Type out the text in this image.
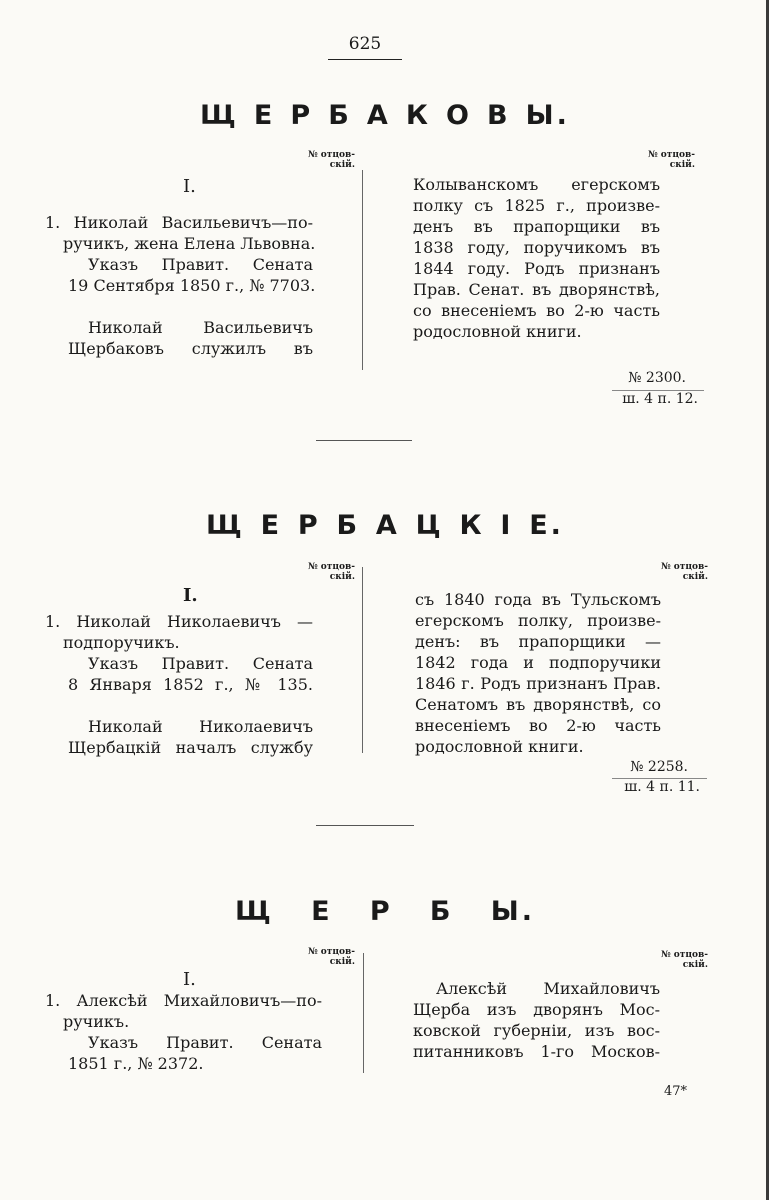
625
Щ Е Р Б А К О В Ы.
№ отцов-скій.
№ отцов-скій.
I.
1. Николай Васильевичъ—по-
ручикъ, жена Елена Львовна.
Указъ Правит. Сената
19 Сентября 1850 г., № 7703.
Николай Васильевичъ
Щербаковъ служилъ въ
Колыванскомъ егерскомъ
полку съ 1825 г., произве-
денъ въ прапорщики въ
1838 году, поручикомъ въ
1844 году. Родъ признанъ
Прав. Сенат. въ дворянствѣ,
со внесеніемъ во 2-ю часть
родословной книги.
№ 2300.
ш. 4 п. 12.
Щ Е Р Б А Ц К І Е.
№ отцов-скій.
№ отцов-скій.
I.
1. Николай Николаевичъ —
подпоручикъ.
Указъ Правит. Сената
8 Января 1852 г., № 135.
Николай Николаевичъ
Щербацкій началъ службу
съ 1840 года въ Тульскомъ
егерскомъ полку, произве-
денъ: въ прапорщики —
1842 года и подпоручики
1846 г. Родъ признанъ Прав.
Сенатомъ въ дворянствѣ, со
внесеніемъ во 2-ю часть
родословной книги.
№ 2258.
ш. 4 п. 11.
Щ Е Р Б Ы.
№ отцов-скій.
№ отцов-скій.
I.
1. Алексѣй Михайловичъ—по-
ручикъ.
Указъ Правит. Сената
1851 г., № 2372.
Алексѣй Михайловичъ
Щерба изъ дворянъ Мос-
ковской губерніи, изъ вос-
питанниковъ 1-го Москов-
47*
